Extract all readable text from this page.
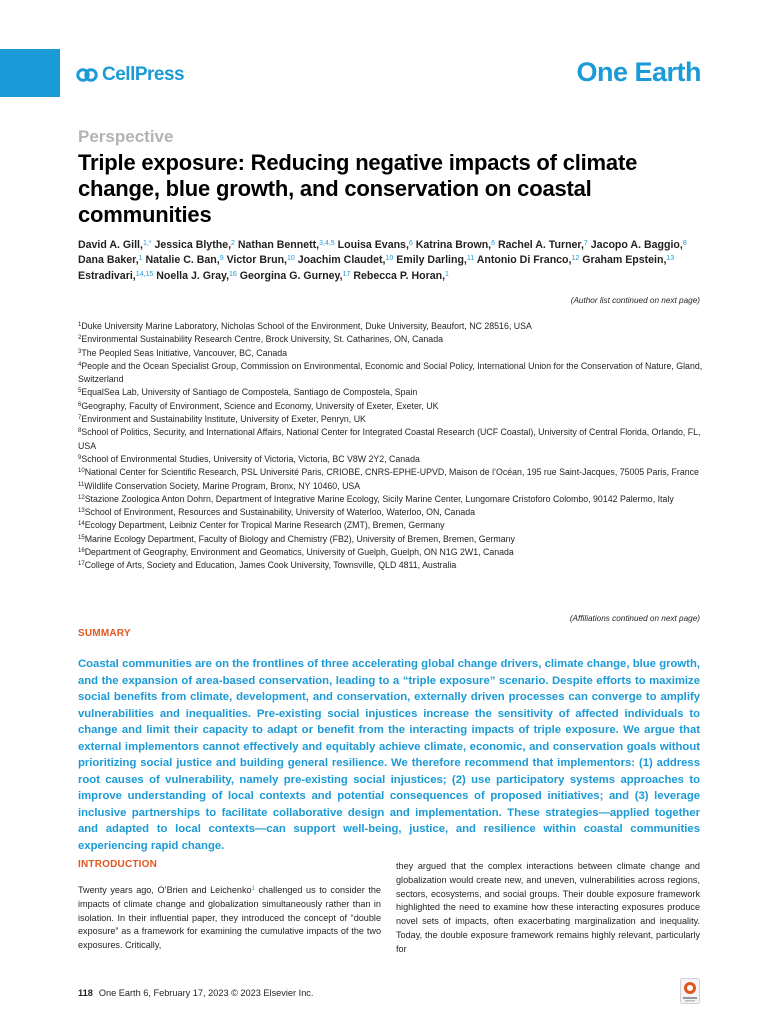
CellPress	One Earth
Perspective
Triple exposure: Reducing negative impacts of climate change, blue growth, and conservation on coastal communities
David A. Gill,$^{1,*}$ Jessica Blythe,$^2$ Nathan Bennett,$^{3,4,5}$ Louisa Evans,$^6$ Katrina Brown,$^6$ Rachel A. Turner,$^7$ Jacopo A. Baggio,$^8$ Dana Baker,$^1$ Natalie C. Ban,$^9$ Victor Brun,$^{10}$ Joachim Claudet,$^{10}$ Emily Darling,$^{11}$ Antonio Di Franco,$^{12}$ Graham Epstein,$^{13}$ Estradivari,$^{14,15}$ Noella J. Gray,$^{16}$ Georgina G. Gurney,$^{17}$ Rebecca P. Horan,$^1$
(Author list continued on next page)
$^1$Duke University Marine Laboratory, Nicholas School of the Environment, Duke University, Beaufort, NC 28516, USA
$^2$Environmental Sustainability Research Centre, Brock University, St. Catharines, ON, Canada
$^3$The Peopled Seas Initiative, Vancouver, BC, Canada
$^4$People and the Ocean Specialist Group, Commission on Environmental, Economic and Social Policy, International Union for the Conservation of Nature, Gland, Switzerland
$^5$EqualSea Lab, University of Santiago de Compostela, Santiago de Compostela, Spain
$^6$Geography, Faculty of Environment, Science and Economy, University of Exeter, Exeter, UK
$^7$Environment and Sustainability Institute, University of Exeter, Penryn, UK
$^8$School of Politics, Security, and International Affairs, National Center for Integrated Coastal Research (UCF Coastal), University of Central Florida, Orlando, FL, USA
$^9$School of Environmental Studies, University of Victoria, Victoria, BC V8W 2Y2, Canada
$^{10}$National Center for Scientific Research, PSL Université Paris, CRIOBE, CNRS-EPHE-UPVD, Maison de l’Océan, 195 rue Saint-Jacques, 75005 Paris, France
$^{11}$Wildlife Conservation Society, Marine Program, Bronx, NY 10460, USA
$^{12}$Stazione Zoologica Anton Dohrn, Department of Integrative Marine Ecology, Sicily Marine Center, Lungomare Cristoforo Colombo, 90142 Palermo, Italy
$^{13}$School of Environment, Resources and Sustainability, University of Waterloo, Waterloo, ON, Canada
$^{14}$Ecology Department, Leibniz Center for Tropical Marine Research (ZMT), Bremen, Germany
$^{15}$Marine Ecology Department, Faculty of Biology and Chemistry (FB2), University of Bremen, Bremen, Germany
$^{16}$Department of Geography, Environment and Geomatics, University of Guelph, Guelph, ON N1G 2W1, Canada
$^{17}$College of Arts, Society and Education, James Cook University, Townsville, QLD 4811, Australia
(Affiliations continued on next page)
SUMMARY

Coastal communities are on the frontlines of three accelerating global change drivers, climate change, blue growth, and the expansion of area-based conservation, leading to a “triple exposure” scenario. Despite efforts to maximize social benefits from climate, development, and conservation, externally driven processes can converge to amplify vulnerabilities and inequalities. Pre-existing social injustices increase the sensitivity of affected individuals to change and limit their capacity to adapt or benefit from the interacting impacts of triple exposure. We argue that external implementors cannot effectively and equitably achieve climate, economic, and conservation goals without prioritizing social justice and building general resilience. We therefore recommend that implementors: (1) address root causes of vulnerability, namely pre-existing social injustices; (2) use participatory systems approaches to improve understanding of local contexts and potential consequences of proposed initiatives; and (3) leverage inclusive partnerships to facilitate collaborative design and implementation. These strategies—applied together and adapted to local contexts—can support well-being, justice, and resilience within coastal communities experiencing rapid change.

INTRODUCTION
Twenty years ago, O’Brien and Leichenko$^1$ challenged us to consider the impacts of climate change and globalization simultaneously rather than in isolation. In their influential paper, they introduced the concept of “double exposure” as a framework for examining the cumulative impacts of the two exposures. Critically,
they argued that the complex interactions between climate change and globalization would create new, and uneven, vulnerabilities across regions, sectors, ecosystems, and social groups. Their double exposure framework highlighted the need to examine how these interacting exposures produce novel sets of impacts, often exacerbating marginalization and inequality. Today, the double exposure framework remains highly relevant, particularly for
118 One Earth 6, February 17, 2023 © 2023 Elsevier Inc.
